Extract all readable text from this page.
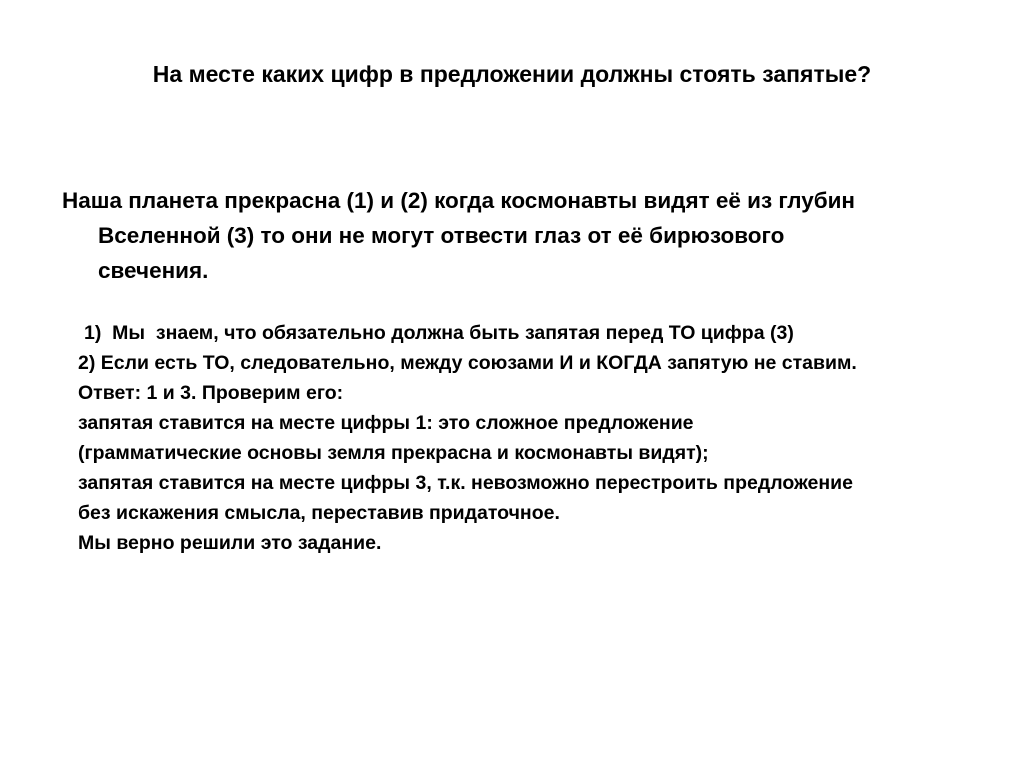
На месте каких цифр в предложении должны стоять запятые?
Наша планета прекрасна (1) и (2) когда космонавты видят её из глубин
Вселенной (3) то они не могут отвести глаз от её бирюзового
свечения.
1)  Мы  знаем, что обязательно должна быть запятая перед ТО цифра (3)
2) Если есть ТО, следовательно, между союзами И и КОГДА запятую не ставим.
Ответ: 1 и 3. Проверим его:
запятая ставится на месте цифры 1: это сложное предложение
(грамматические основы земля прекрасна и космонавты видят);
запятая ставится на месте цифры 3, т.к. невозможно перестроить предложение
без искажения смысла, переставив придаточное.
Мы верно решили это задание.
